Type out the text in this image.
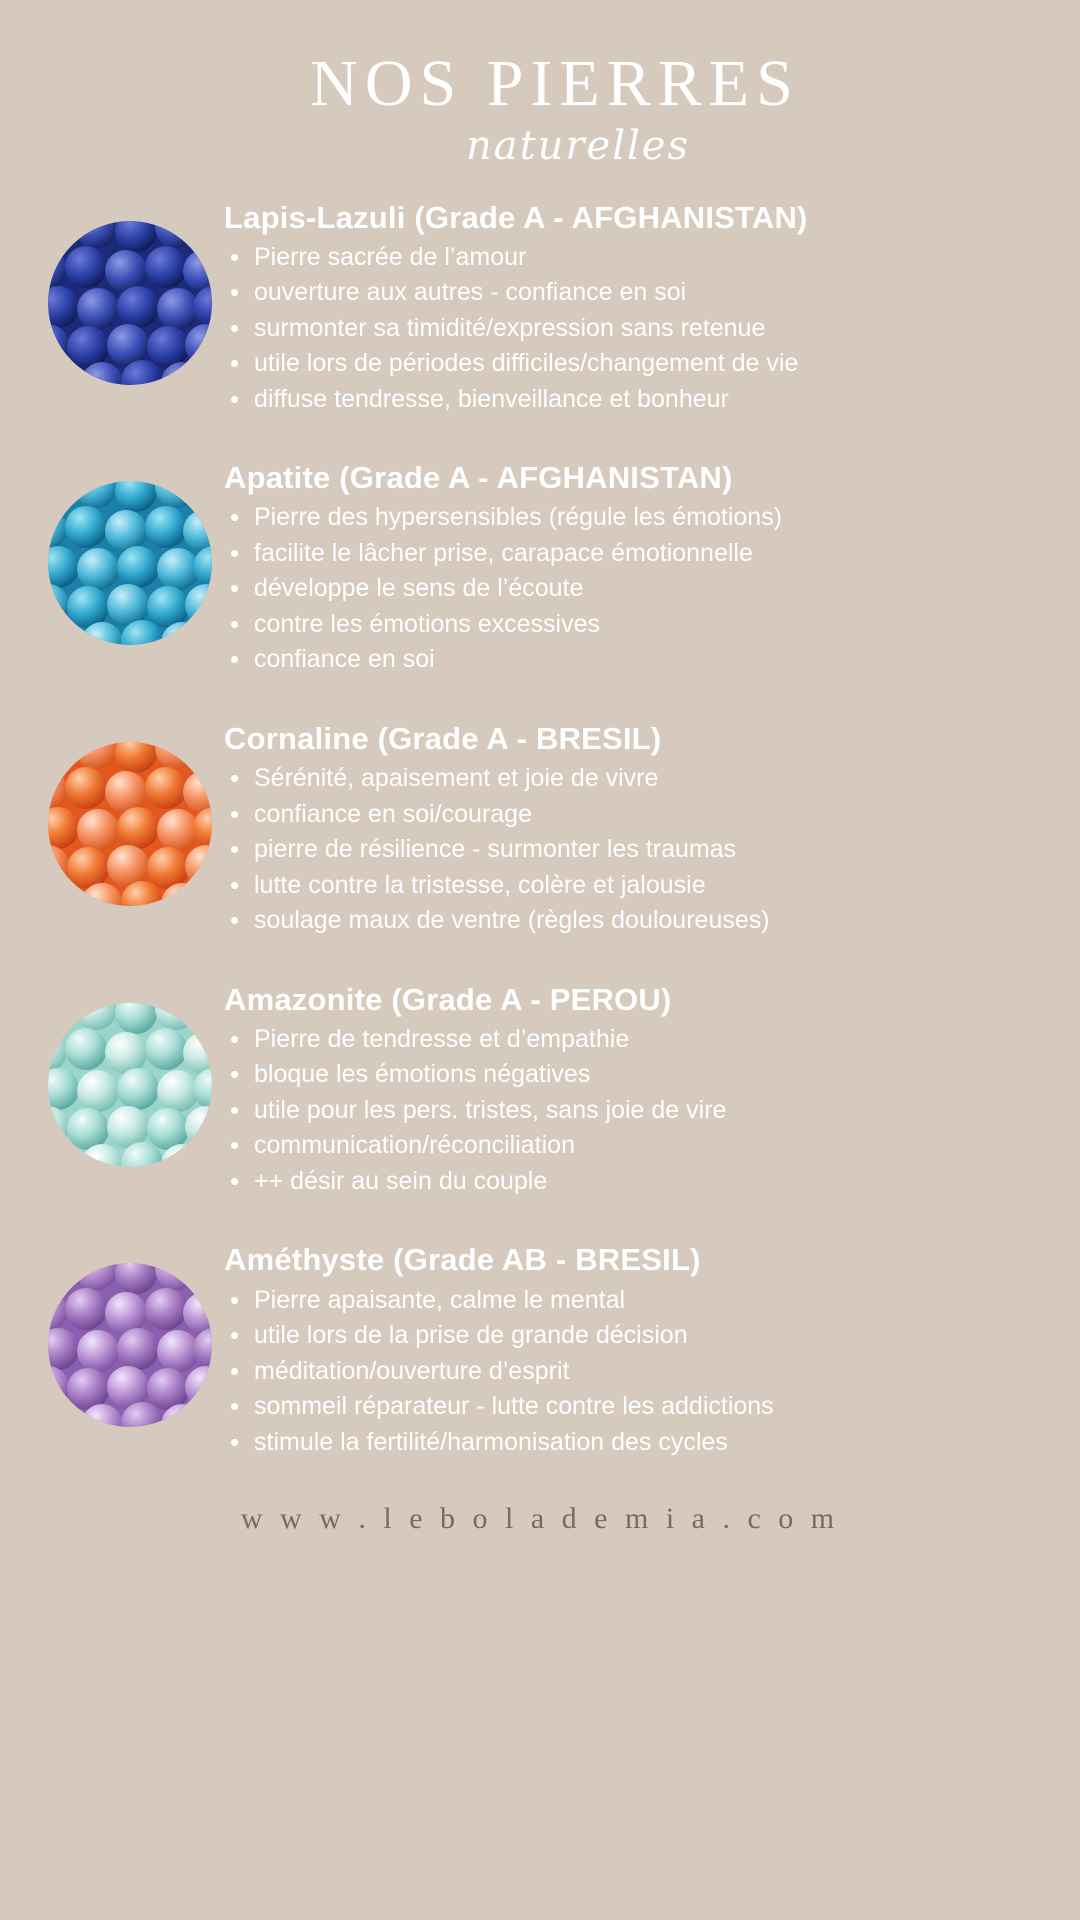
NOS PIERRES
naturelles
Lapis-Lazuli (Grade A - AFGHANISTAN)
• Pierre sacrée de l’amour
• ouverture aux autres - confiance en soi
• surmonter sa timidité/expression sans retenue
• utile lors de périodes difficiles/changement de vie
• diffuse tendresse, bienveillance et bonheur
Apatite (Grade A - AFGHANISTAN)
• Pierre des hypersensibles (régule les émotions)
• facilite le lâcher prise, carapace émotionnelle
• développe le sens de l’écoute
• contre les émotions excessives
• confiance en soi
Cornaline (Grade A - BRESIL)
• Sérénité, apaisement et joie de vivre
• confiance en soi/courage
• pierre de résilience - surmonter les traumas
• lutte contre la tristesse, colère et jalousie
• soulage maux de ventre (règles douloureuses)
Amazonite (Grade A - PEROU)
• Pierre de tendresse et d’empathie
• bloque les émotions négatives
• utile pour les pers. tristes, sans joie de vire
• communication/réconciliation
• ++ désir au sein du couple
Améthyste (Grade AB - BRESIL)
• Pierre apaisante, calme le mental
• utile lors de la prise de grande décision
• méditation/ouverture d’esprit
• sommeil réparateur - lutte contre les addictions
• stimule la fertilité/harmonisation des cycles
w w w . l e b o l a d e m i a . c o m
